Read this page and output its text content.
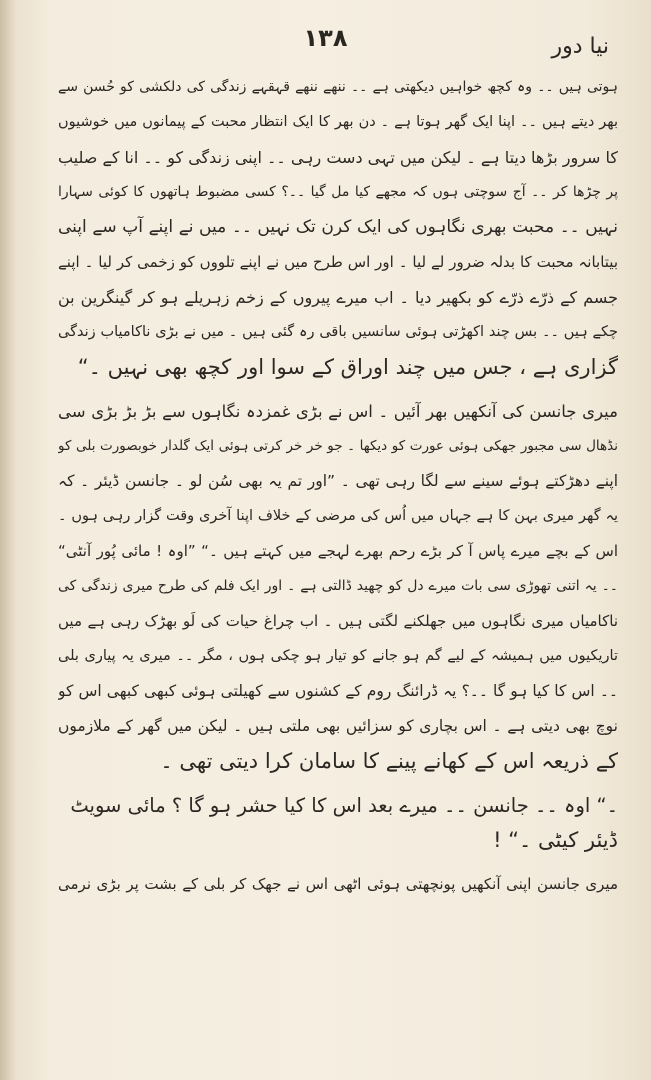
۱۳۸	نیا دور
ہوتی ہیں ۔۔ وہ کچھ خواہیں دیکھتی ہے ۔۔ ننھے ننھے قہقہے زندگی کی دلکشی کو حُسن سے
بھر دیتے ہیں ۔۔ اپنا ایک گھر ہوتا ہے ۔ دن بھر کا ایک انتظار محبت کے پیمانوں میں خوشیوں
کا سرور بڑھا دیتا ہے ۔ لیکن میں تہی دست رہی ۔۔ اپنی زندگی کو ۔۔ انا کے صلیب
پر چڑھا کر ۔۔ آج سوچتی ہوں کہ مجھے کیا مل گیا ۔۔؟ کسی مضبوط ہاتھوں کا کوئی سہارا
نہیں ۔۔ محبت بھری نگاہوں کی ایک کرن تک نہیں ۔۔ میں نے اپنے آپ سے اپنی
بیتابانہ محبت کا بدلہ ضرور لے لیا ۔ اور اس طرح میں نے اپنے تلووں کو زخمی کر لیا ۔ اپنے
جسم کے ذرّے ذرّے کو بکھیر دیا ۔ اب میرے پیروں کے زخم زہریلے ہو کر گینگرین بن
چکے ہیں ۔۔ بس چند اکھڑتی ہوئی سانسیں باقی رہ گئی ہیں ۔ میں نے بڑی ناکامیاب زندگی
گزاری ہے ، جس میں چند اوراق کے سوا اور کچھ بھی نہیں ۔“
میری جانسن کی آنکھیں بھر آئیں ۔ اس نے بڑی غمزدہ نگاہوں سے بڑ بڑ بڑی سی
نڈھال سی مجبور جھکی ہوئی عورت کو دیکھا ۔ جو خر خر کرتی ہوئی ایک گلدار خوبصورت بلی کو
اپنے دھڑکتے ہوئے سینے سے لگا رہی تھی ۔ ”اور تم یہ بھی سُن لو ۔ جانسن ڈیئر ۔ کہ
یہ گھر میری بہن کا ہے جہاں میں اُس کی مرضی کے خلاف اپنا آخری وقت گزار رہی ہوں ۔
اس کے بچے میرے پاس آ کر بڑے رحم بھرے لہجے میں کہتے ہیں ۔“ ”اوہ ! مائی پُور آنٹی“
۔۔ یہ اتنی تھوڑی سی بات میرے دل کو چھید ڈالتی ہے ۔ اور ایک فلم کی طرح میری زندگی کی
ناکامیاں میری نگاہوں میں جھلکنے لگتی ہیں ۔ اب چراغ حیات کی لَو بھڑک رہی ہے میں
تاریکیوں میں ہمیشہ کے لیے گم ہو جانے کو تیار ہو چکی ہوں ، مگر ۔۔ میری یہ پیاری بلی
۔۔ اس کا کیا ہو گا ۔۔؟ یہ ڈرائنگ روم کے کشنوں سے کھیلتی ہوئی کبھی کبھی اس کو
نوچ بھی دیتی ہے ۔ اس بچاری کو سزائیں بھی ملتی ہیں ۔ لیکن میں گھر کے ملازموں
کے ذریعہ اس کے کھانے پینے کا سامان کرا دیتی تھی ۔
۔“ اوہ ۔۔ جانسن ۔۔ میرے بعد اس کا کیا حشر ہو گا ؟ مائی سویٹ
ڈیئر کیٹی ۔“ !
میری جانسن اپنی آنکھیں پونچھتی ہوئی اٹھی اس نے جھک کر بلی کے بشت پر بڑی نرمی
